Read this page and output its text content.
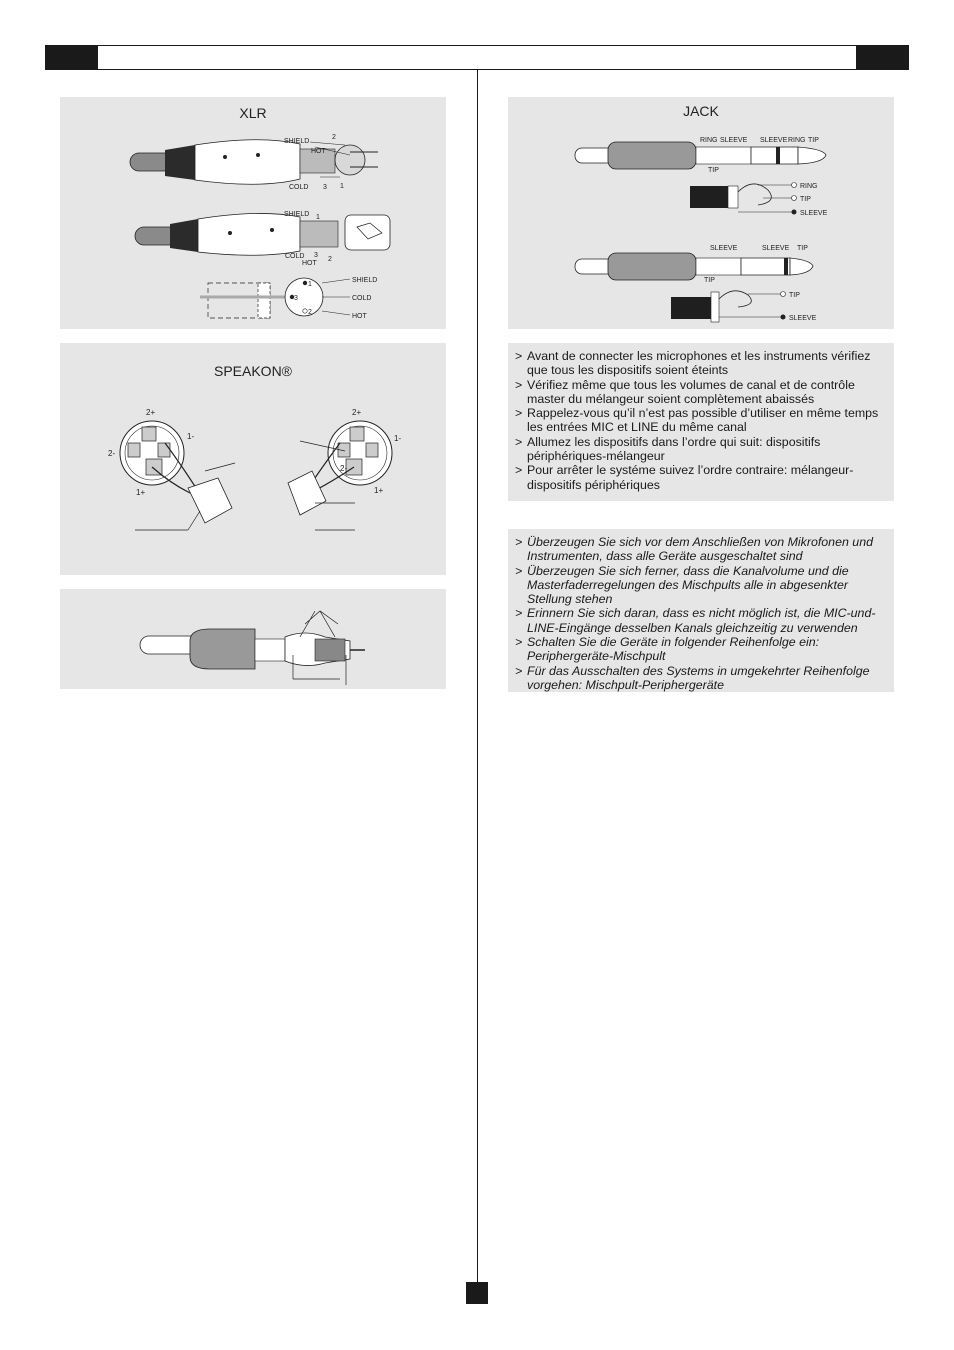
XLR
SHIELD
HOT
2
COLD 3 1
SHIELD 1
COLD 3
HOT
2
1
3
2
SHIELD
COLD
HOT
SPEAKON®
2+
1-
2-
1+
2+
1-
2-
1+
JACK
RING SLEEVE SLEEVE RING TIP
TIP
RING
TIP
SLEEVE
SLEEVE	SLEEVE TIP
TIP
TIP
SLEEVE
> Avant de connecter les microphones et les instruments vérifiez que tous les dispositifs soient éteints
> Vérifiez même que tous les volumes de canal et de contrôle master du mélangeur soient complètement abaissés
> Rappelez-vous qu’il n’est pas possible d’utiliser en même temps les entrées MIC et LINE du même canal
> Allumez les dispositifs dans l’ordre qui suit: dispositifs périphériques-mélangeur
> Pour arrêter le systéme suivez l’ordre contraire: mélangeur-dispositifs périphériques
> Überzeugen Sie sich vor dem Anschließen von Mikrofonen und Instrumenten, dass alle Geräte ausgeschaltet sind
> Überzeugen Sie sich ferner, dass die Kanalvolume und die Masterfaderregelungen des Mischpults alle in abgesenkter Stellung stehen
> Erinnern Sie sich daran, dass es nicht möglich ist, die MIC-und-LINE-Eingänge desselben Kanals gleichzeitig zu verwenden
> Schalten Sie die Geräte in folgender Reihenfolge ein: Periphergeräte-Mischpult
> Für das Ausschalten des Systems in umgekehrter Reihenfolge vorgehen: Mischpult-Periphergeräte
